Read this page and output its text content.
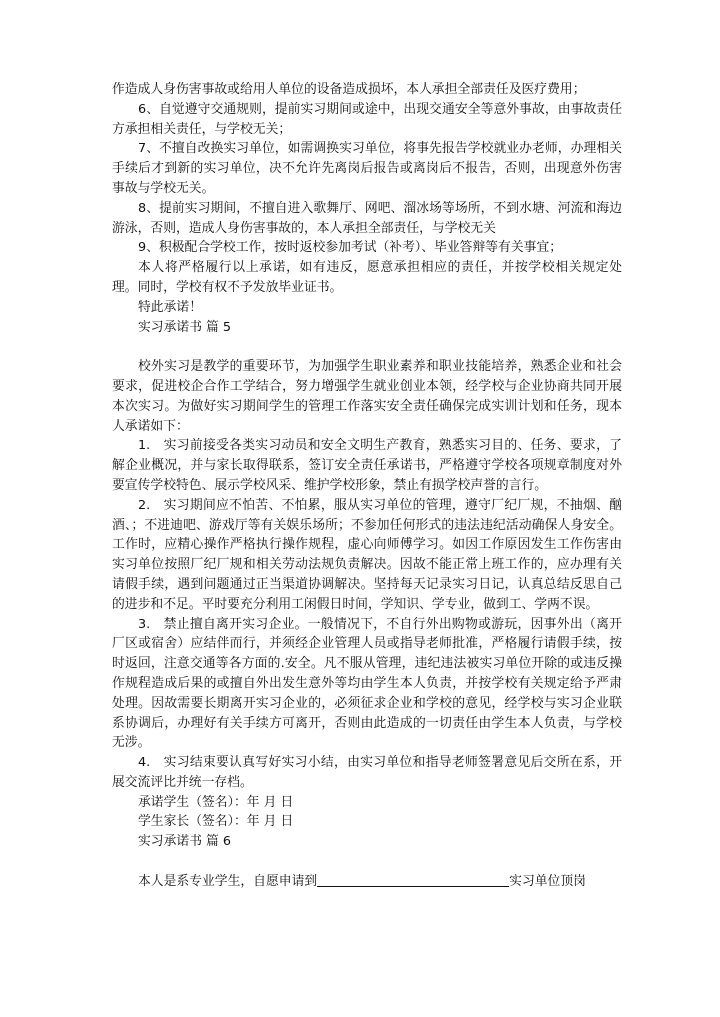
作造成人身伤害事故或给用人单位的设备造成损坏，本人承担全部责任及医疗费用；

6、自觉遵守交通规则，提前实习期间或途中，出现交通安全等意外事故，由事故责任方承担相关责任，与学校无关；

7、不擅自改换实习单位，如需调换实习单位，将事先报告学校就业办老师，办理相关手续后才到新的实习单位，决不允许先离岗后报告或离岗后不报告，否则，出现意外伤害事故与学校无关。

8、提前实习期间，不擅自进入歌舞厅、网吧、溜冰场等场所，不到水塘、河流和海边游泳，否则，造成人身伤害事故的，本人承担全部责任，与学校无关

9、积极配合学校工作，按时返校参加考试（补考）、毕业答辩等有关事宜；

本人将严格履行以上承诺，如有违反，愿意承担相应的责任，并按学校相关规定处理。同时，学校有权不予发放毕业证书。

特此承诺！

实习承诺书 篇 5

校外实习是教学的重要环节，为加强学生职业素养和职业技能培养，熟悉企业和社会要求，促进校企合作工学结合，努力增强学生就业创业本领，经学校与企业协商共同开展本次实习。为做好实习期间学生的管理工作落实安全责任确保完成实训计划和任务，现本人承诺如下：

1.　实习前接受各类实习动员和安全文明生产教育，熟悉实习目的、任务、要求，了解企业概况，并与家长取得联系，签订安全责任承诺书，严格遵守学校各项规章制度对外要宣传学校特色、展示学校风采、维护学校形象，禁止有损学校声誉的言行。

2.　实习期间应不怕苦、不怕累，服从实习单位的管理，遵守厂纪厂规，不抽烟、酗酒、；不进迪吧、游戏厅等有关娱乐场所；不参加任何形式的违法违纪活动确保人身安全。工作时，应精心操作严格执行操作规程，虚心向师傅学习。如因工作原因发生工作伤害由实习单位按照厂纪厂规和相关劳动法规负责解决。因故不能正常上班工作的，应办理有关请假手续，遇到问题通过正当渠道协调解决。坚持每天记录实习日记，认真总结反思自己的进步和不足。平时要充分利用工闲假日时间，学知识、学专业，做到工、学两不误。

3.　禁止擅自离开实习企业。一般情况下，不自行外出购物或游玩，因事外出（离开厂区或宿舍）应结伴而行，并须经企业管理人员或指导老师批准，严格履行请假手续，按时返回，注意交通等各方面的.安全。凡不服从管理，违纪违法被实习单位开除的或违反操作规程造成后果的或擅自外出发生意外等均由学生本人负责，并按学校有关规定给予严肃处理。因故需要长期离开实习企业的，必须征求企业和学校的意见，经学校与实习企业联系协调后，办理好有关手续方可离开，否则由此造成的一切责任由学生本人负责，与学校无涉。

4.　实习结束要认真写好实习小结，由实习单位和指导老师签署意见后交所在系，开展交流评比并统一存档。

承诺学生（签名）：年 月 日

学生家长（签名）：年 月 日

实习承诺书 篇 6

本人是系专业学生，自愿申请到	实习单位顶岗
